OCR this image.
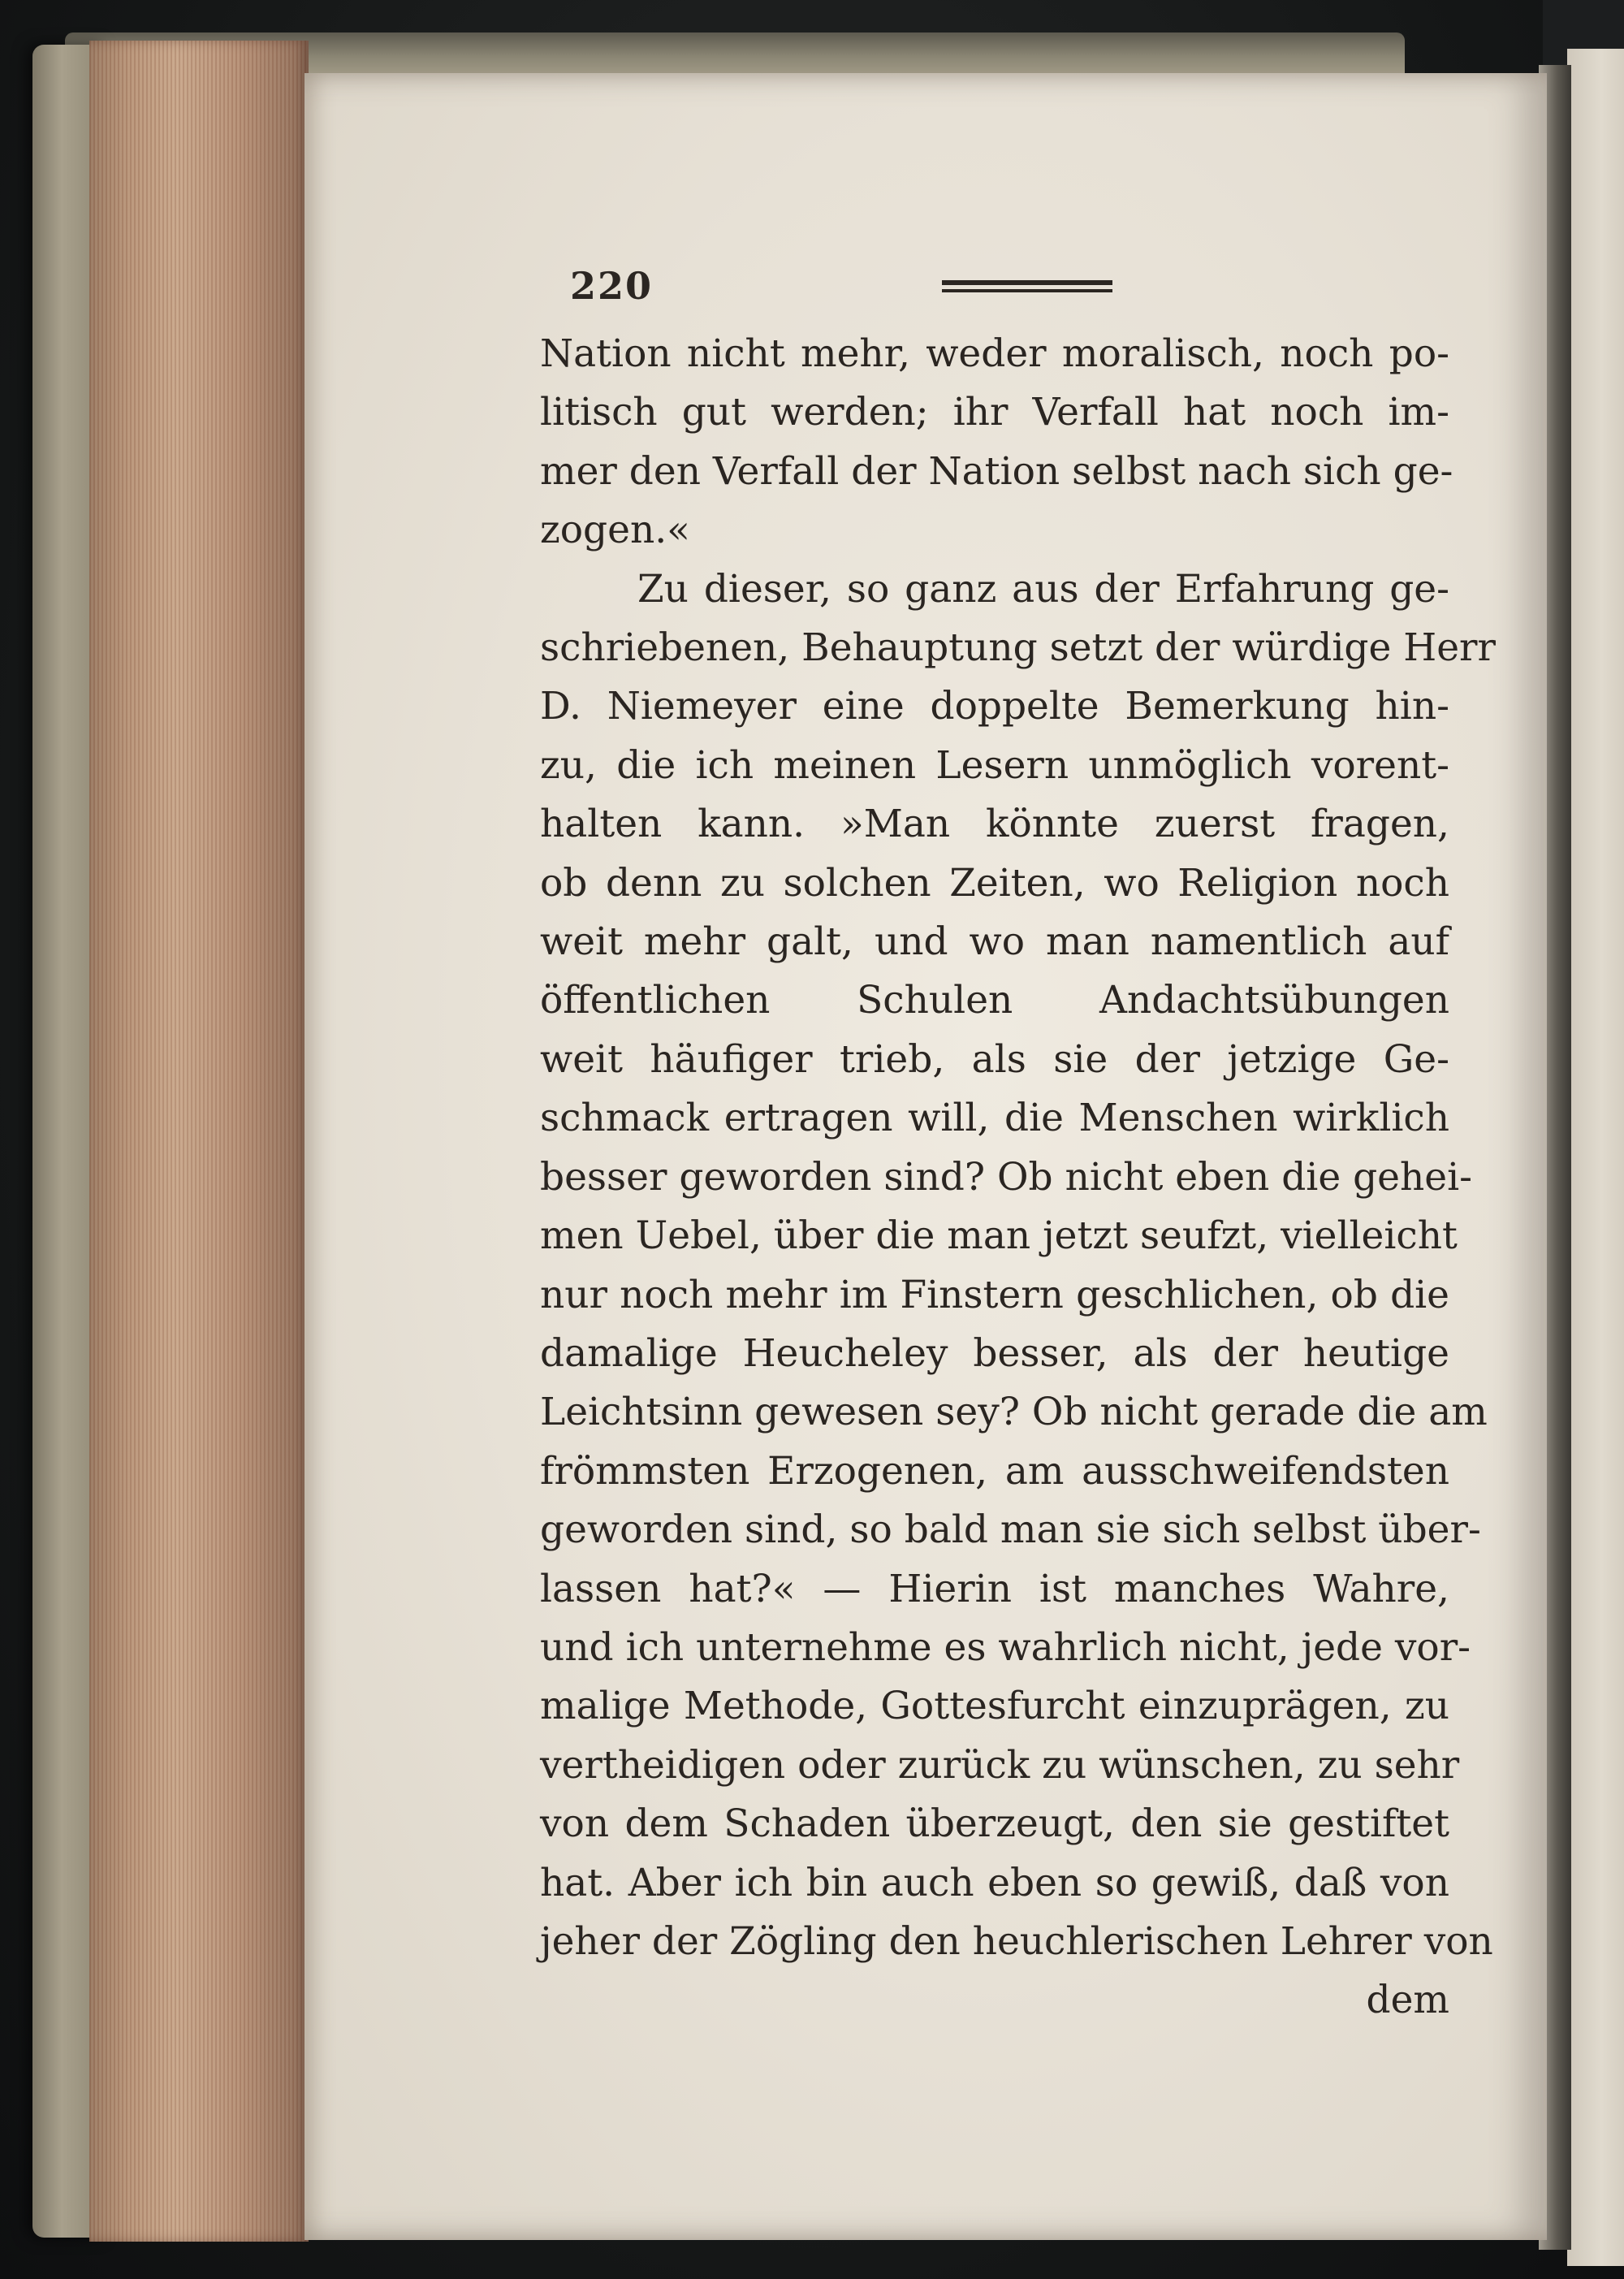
220
Nation nicht mehr, weder moralisch, noch po-
litisch gut werden; ihr Verfall hat noch im-
mer den Verfall der Nation selbst nach sich ge-
zogen.«
Zu dieser, so ganz aus der Erfahrung ge-
schriebenen, Behauptung setzt der würdige Herr
D. Niemeyer eine doppelte Bemerkung hin-
zu, die ich meinen Lesern unmöglich vorent-
halten kann. »Man könnte zuerst fragen,
ob denn zu solchen Zeiten, wo Religion noch
weit mehr galt, und wo man namentlich auf
öffentlichen Schulen Andachtsübungen
weit häufiger trieb, als sie der jetzige Ge-
schmack ertragen will, die Menschen wirklich
besser geworden sind? Ob nicht eben die gehei-
men Uebel, über die man jetzt seufzt, vielleicht
nur noch mehr im Finstern geschlichen, ob die
damalige Heucheley besser, als der heutige
Leichtsinn gewesen sey? Ob nicht gerade die am
frömmsten Erzogenen, am ausschweifendsten
geworden sind, so bald man sie sich selbst über-
lassen hat?« — Hierin ist manches Wahre,
und ich unternehme es wahrlich nicht, jede vor-
malige Methode, Gottesfurcht einzuprägen, zu
vertheidigen oder zurück zu wünschen, zu sehr
von dem Schaden überzeugt, den sie gestiftet
hat. Aber ich bin auch eben so gewiß, daß von
jeher der Zögling den heuchlerischen Lehrer von
dem
